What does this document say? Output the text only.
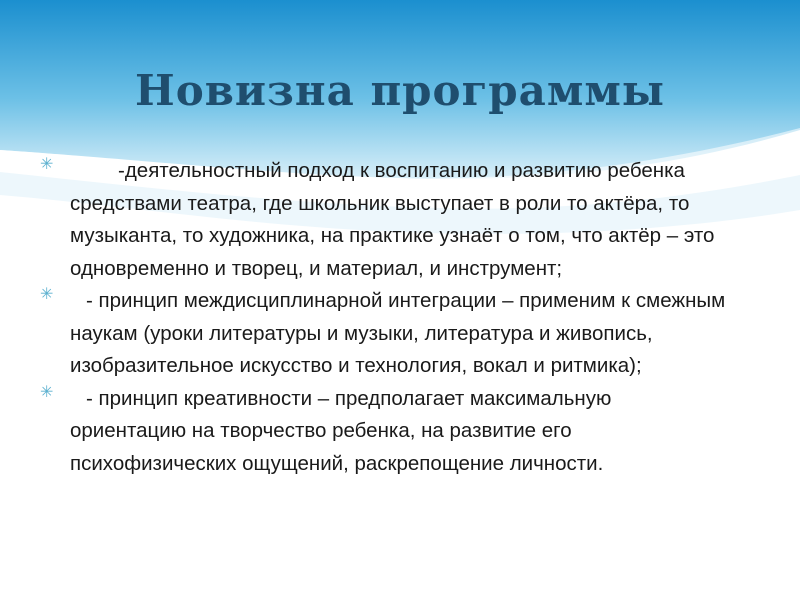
Новизна программы
✳	-деятельностный подход к воспитанию и развитию ребенка средствами театра, где школьник выступает в роли то актёра, то музыканта, то художника, на практике узнаёт о том, что актёр – это одновременно и творец, и материал, и инструмент;
✳ - принцип междисциплинарной интеграции – применим к смежным наукам (уроки литературы и музыки, литература и живопись, изобразительное искусство и технология, вокал и ритмика);
✳ - принцип креативности – предполагает максимальную ориентацию на творчество ребенка, на развитие его психофизических ощущений, раскрепощение личности.
